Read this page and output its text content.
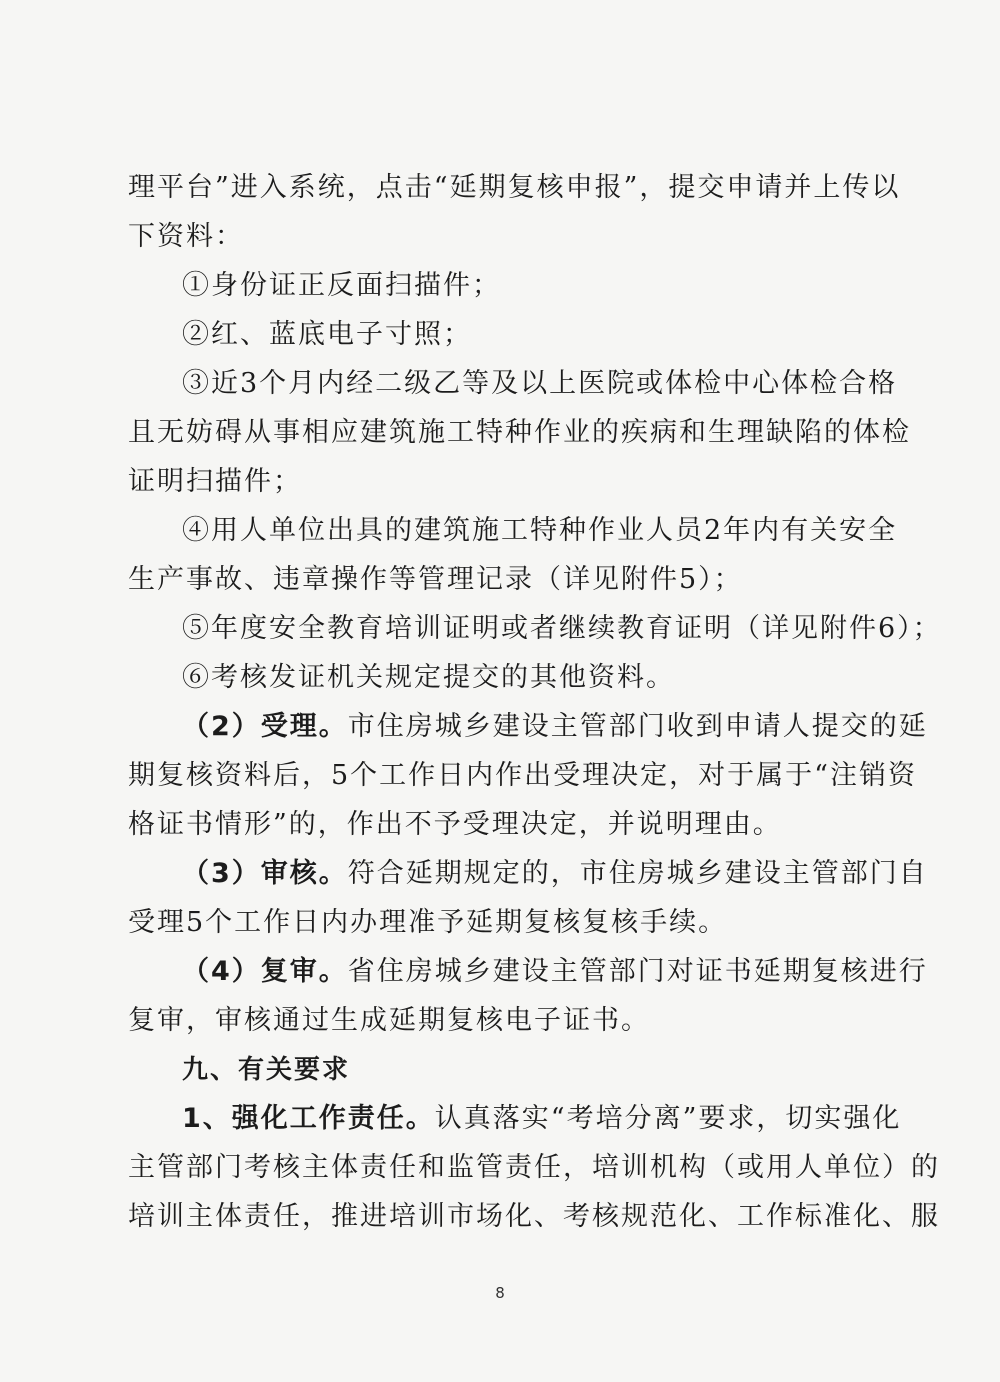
理平台”进入系统，点击“延期复核申报”，提交申请并上传以
下资料：
①身份证正反面扫描件；
②红、蓝底电子寸照；
③近3个月内经二级乙等及以上医院或体检中心体检合格
且无妨碍从事相应建筑施工特种作业的疾病和生理缺陷的体检
证明扫描件；
④用人单位出具的建筑施工特种作业人员2年内有关安全
生产事故、违章操作等管理记录（详见附件5）；
⑤年度安全教育培训证明或者继续教育证明（详见附件6）；
⑥考核发证机关规定提交的其他资料。
（2）受理。市住房城乡建设主管部门收到申请人提交的延
期复核资料后，5个工作日内作出受理决定，对于属于“注销资
格证书情形”的，作出不予受理决定，并说明理由。
（3）审核。符合延期规定的，市住房城乡建设主管部门自
受理5个工作日内办理准予延期复核复核手续。
（4）复审。省住房城乡建设主管部门对证书延期复核进行
复审，审核通过生成延期复核电子证书。
九、有关要求
1、强化工作责任。认真落实“考培分离”要求，切实强化
主管部门考核主体责任和监管责任，培训机构（或用人单位）的
培训主体责任，推进培训市场化、考核规范化、工作标准化、服
8
